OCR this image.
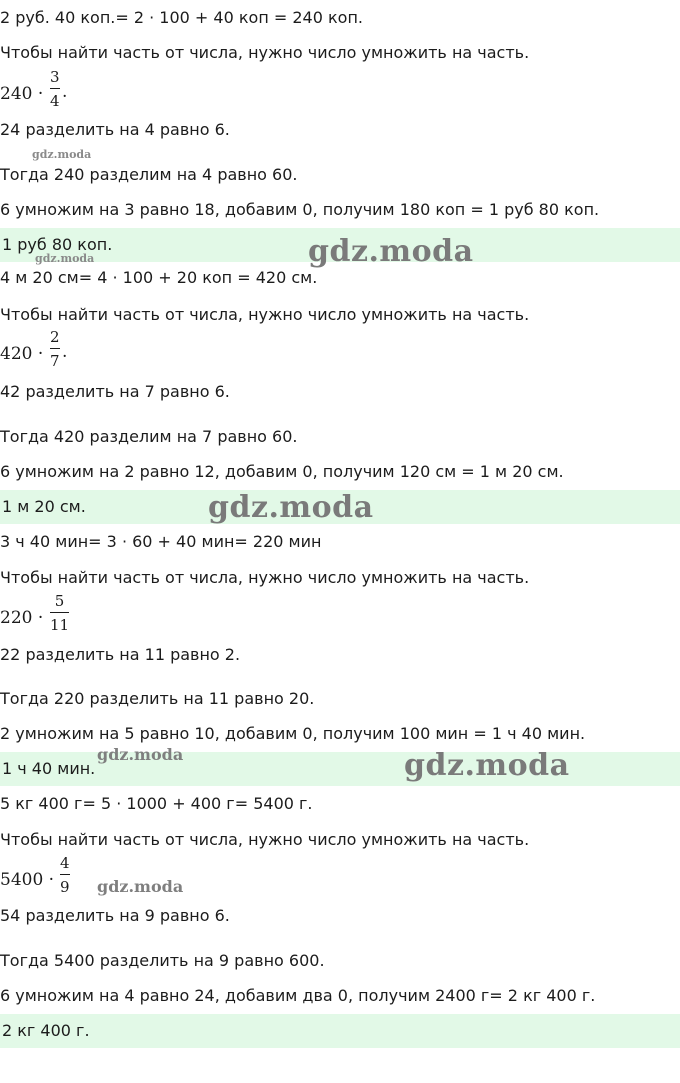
2 руб. 40 коп.= 2 · 100 + 40 коп = 240 коп.
Чтобы найти часть от числа, нужно число умножить на часть.
240 ·
3
4 .
24 разделить на 4 равно 6.
gdz.moda
Тогда 240 разделим на 4 равно 60.
6 умножим на 3 равно 18, добавим 0, получим 180 коп = 1 руб 80 коп.
1 руб 80 коп.	gdz.moda
gdz.moda
4 м 20 см= 4 · 100 + 20 коп = 420 см.
Чтобы найти часть от числа, нужно число умножить на часть.
420 ·
2
7 .
42 разделить на 7 равно 6.
Тогда 420 разделим на 7 равно 60.
6 умножим на 2 равно 12, добавим 0, получим 120 см = 1 м 20 см.
1 м 20 см.	gdz.moda
3 ч 40 мин= 3 · 60 + 40 мин= 220 мин
Чтобы найти часть от числа, нужно число умножить на часть.
220 ·
5
11
22 разделить на 11 равно 2.
Тогда 220 разделить на 11 равно 20.
2 умножим на 5 равно 10, добавим 0, получим 100 мин = 1 ч 40 мин.
1 ч 40 мин.
gdz.moda	gdz.moda
5 кг 400 г= 5 · 1000 + 400 г= 5400 г.
Чтобы найти часть от числа, нужно число умножить на часть.
5400 ·
4
9 gdz.moda
54 разделить на 9 равно 6.
Тогда 5400 разделить на 9 равно 600.
6 умножим на 4 равно 24, добавим два 0, получим 2400 г= 2 кг 400 г.
2 кг 400 г.
